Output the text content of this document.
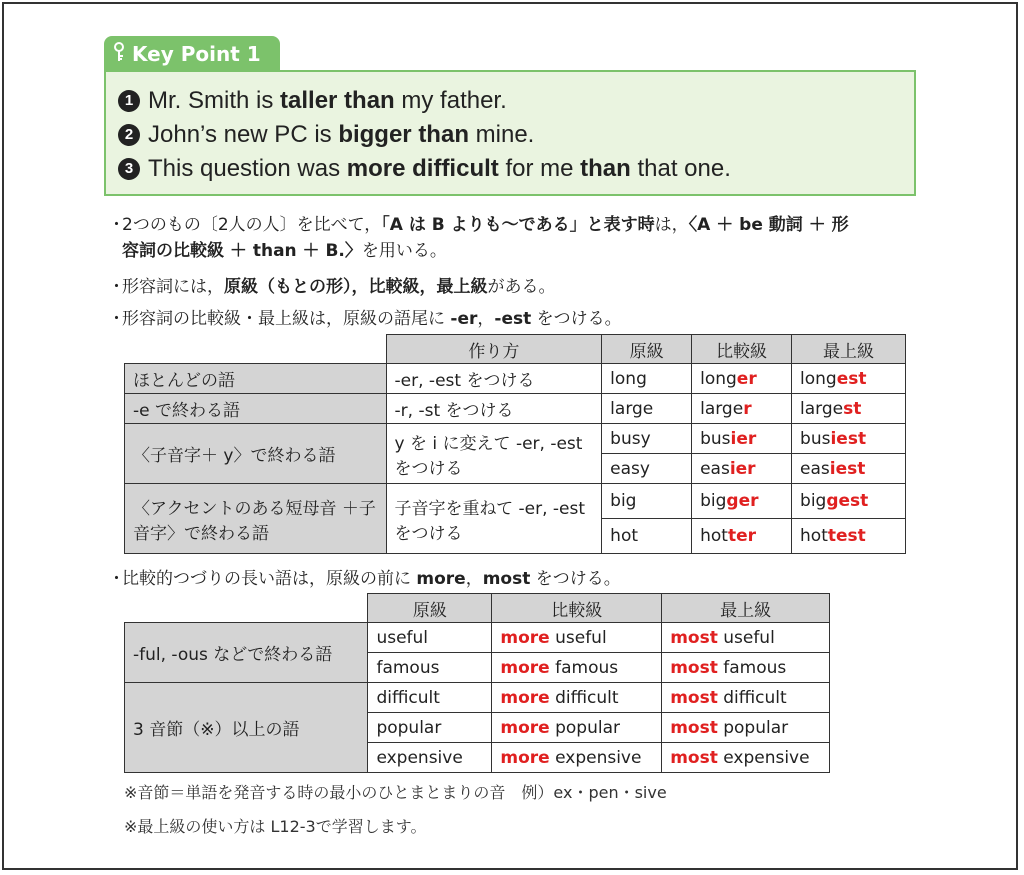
Key Point 1
1 Mr. Smith is taller than my father.
2 John’s new PC is bigger than mine.
3 This question was more difficult for me than that one.
・2つのもの〔2人の人〕を比べて，「A は B よりも〜である」と表す時は，〈A ＋ be 動詞 ＋ 形
容詞の比較級 ＋ than ＋ B.〉を用いる。
・形容詞には，原級（もとの形），比較級，最上級がある。
・形容詞の比較級・最上級は，原級の語尾に -er，-est をつける。
	作り方	原級	比較級	最上級
ほとんどの語	-er, -est をつける	long	longer	longest
-e で終わる語	-r, -st をつける	large	larger	largest
〈子音字＋ y〉で終わる語	y を i に変えて -er, -est をつける	busy	busier	busiest
		easy	easier	easiest
〈アクセントのある短母音 ＋子音字〉で終わる語	子音字を重ねて -er, -est をつける	big	bigger	biggest
		hot	hotter	hottest
・比較的つづりの長い語は，原級の前に more，most をつける。
	原級	比較級	最上級
-ful, -ous などで終わる語	useful	more useful	most useful
	famous	more famous	most famous
3 音節（※）以上の語	difficult	more difficult	most difficult
	popular	more popular	most popular
	expensive	more expensive	most expensive
※音節＝単語を発音する時の最小のひとまとまりの音　例）ex・pen・sive
※最上級の使い方は L12-3で学習します。
